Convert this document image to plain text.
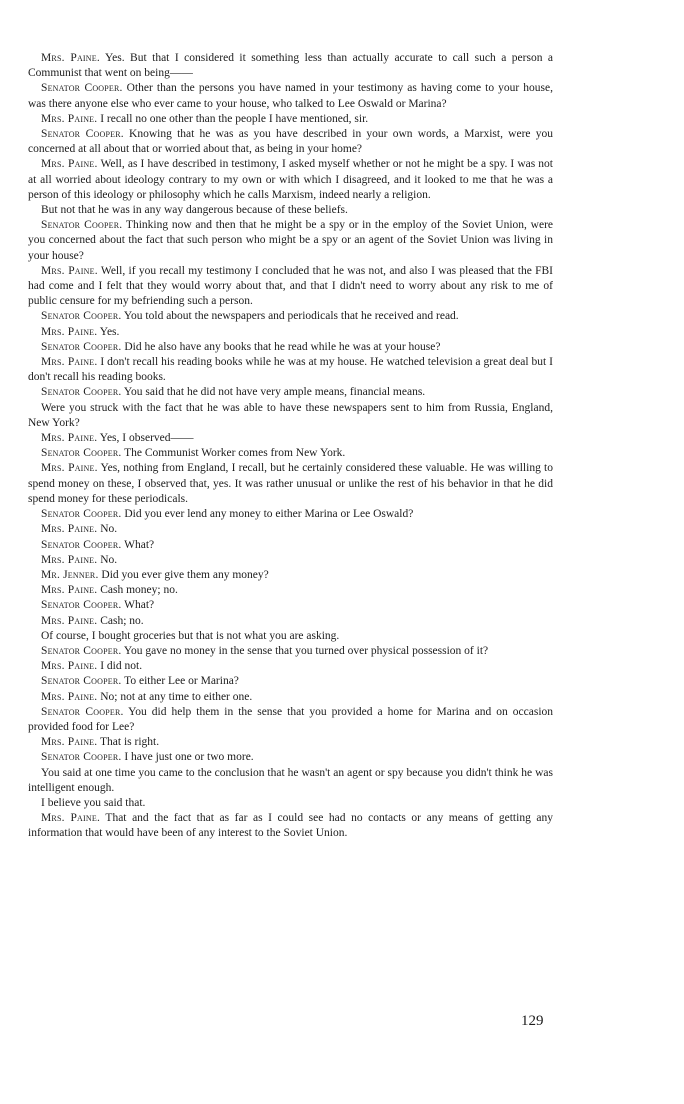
Mrs. Paine. Yes. But that I considered it something less than actually accurate to call such a person a Communist that went on being——

Senator Cooper. Other than the persons you have named in your testimony as having come to your house, was there anyone else who ever came to your house, who talked to Lee Oswald or Marina?

Mrs. Paine. I recall no one other than the people I have mentioned, sir.

Senator Cooper. Knowing that he was as you have described in your own words, a Marxist, were you concerned at all about that or worried about that, as being in your home?

Mrs. Paine. Well, as I have described in testimony, I asked myself whether or not he might be a spy. I was not at all worried about ideology contrary to my own or with which I disagreed, and it looked to me that he was a person of this ideology or philosophy which he calls Marxism, indeed nearly a religion.

But not that he was in any way dangerous because of these beliefs.

Senator Cooper. Thinking now and then that he might be a spy or in the employ of the Soviet Union, were you concerned about the fact that such person who might be a spy or an agent of the Soviet Union was living in your house?

Mrs. Paine. Well, if you recall my testimony I concluded that he was not, and also I was pleased that the FBI had come and I felt that they would worry about that, and that I didn't need to worry about any risk to me of public censure for my befriending such a person.

Senator Cooper. You told about the newspapers and periodicals that he received and read.

Mrs. Paine. Yes.

Senator Cooper. Did he also have any books that he read while he was at your house?

Mrs. Paine. I don't recall his reading books while he was at my house. He watched television a great deal but I don't recall his reading books.

Senator Cooper. You said that he did not have very ample means, financial means.

Were you struck with the fact that he was able to have these newspapers sent to him from Russia, England, New York?

Mrs. Paine. Yes, I observed——

Senator Cooper. The Communist Worker comes from New York.

Mrs. Paine. Yes, nothing from England, I recall, but he certainly considered these valuable. He was willing to spend money on these, I observed that, yes. It was rather unusual or unlike the rest of his behavior in that he did spend money for these periodicals.

Senator Cooper. Did you ever lend any money to either Marina or Lee Oswald?

Mrs. Paine. No.

Senator Cooper. What?

Mrs. Paine. No.

Mr. Jenner. Did you ever give them any money?

Mrs. Paine. Cash money; no.

Senator Cooper. What?

Mrs. Paine. Cash; no.

Of course, I bought groceries but that is not what you are asking.

Senator Cooper. You gave no money in the sense that you turned over physical possession of it?

Mrs. Paine. I did not.

Senator Cooper. To either Lee or Marina?

Mrs. Paine. No; not at any time to either one.

Senator Cooper. You did help them in the sense that you provided a home for Marina and on occasion provided food for Lee?

Mrs. Paine. That is right.

Senator Cooper. I have just one or two more.

You said at one time you came to the conclusion that he wasn't an agent or spy because you didn't think he was intelligent enough.

I believe you said that.

Mrs. Paine. That and the fact that as far as I could see had no contacts or any means of getting any information that would have been of any interest to the Soviet Union.

129
